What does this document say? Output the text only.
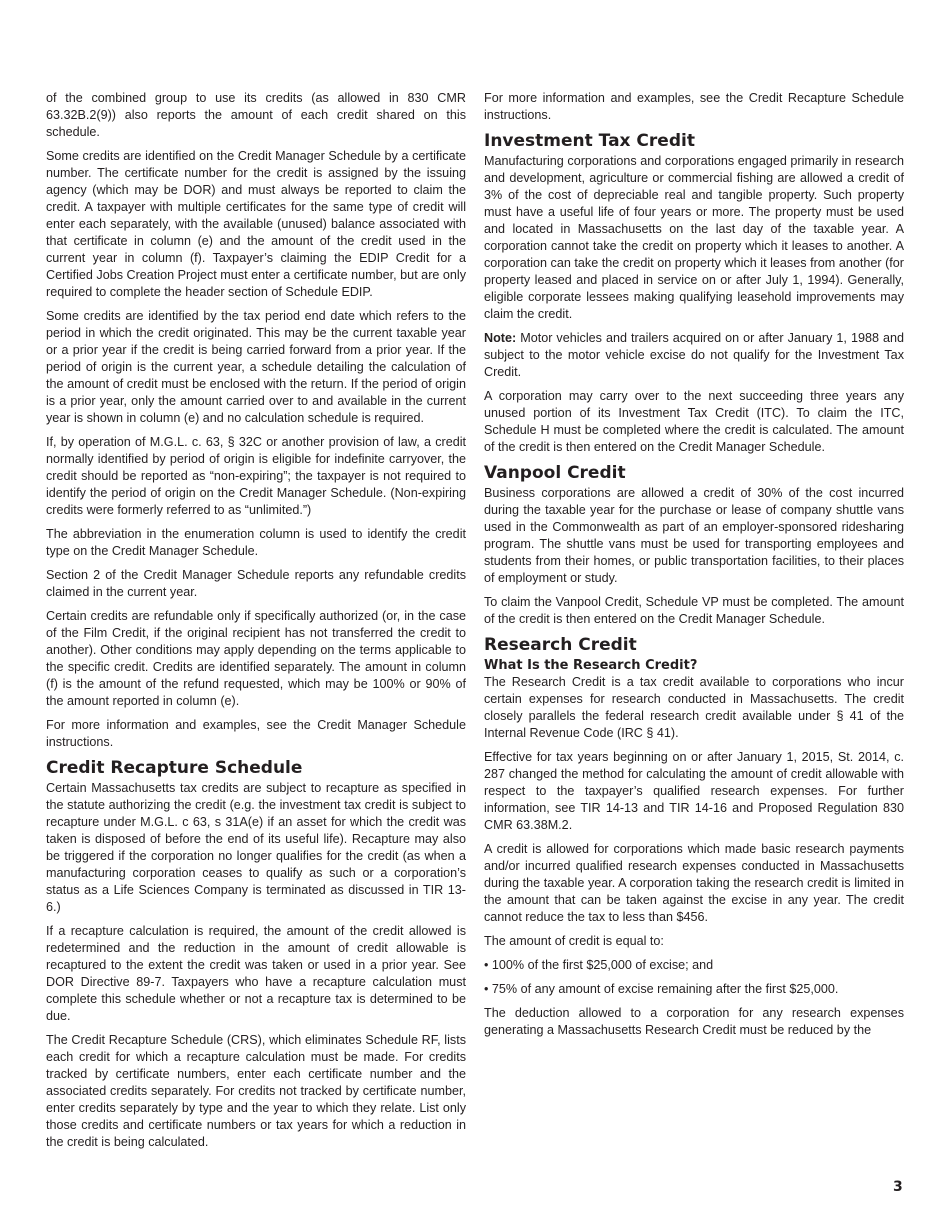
of the combined group to use its credits (as allowed in 830 CMR 63.32B.2(9)) also reports the amount of each credit shared on this schedule.

Some credits are identified on the Credit Manager Schedule by a certificate number. The certificate number for the credit is assigned by the issuing agency (which may be DOR) and must always be reported to claim the credit. A taxpayer with multiple certificates for the same type of credit will enter each separately, with the available (unused) balance associated with that certificate in column (e) and the amount of the credit used in the current year in column (f). Taxpayer’s claiming the EDIP Credit for a Certified Jobs Creation Project must enter a certificate number, but are only required to complete the header section of Schedule EDIP.

Some credits are identified by the tax period end date which refers to the period in which the credit originated. This may be the current taxable year or a prior year if the credit is being carried forward from a prior year. If the period of origin is the current year, a schedule detailing the calculation of the amount of credit must be enclosed with the return. If the period of origin is a prior year, only the amount carried over to and available in the current year is shown in column (e) and no calculation schedule is required.

If, by operation of M.G.L. c. 63, § 32C or another provision of law, a credit normally identified by period of origin is eligible for indefinite carryover, the credit should be reported as “non-expiring”; the taxpayer is not required to identify the period of origin on the Credit Manager Schedule. (Non-expiring credits were formerly referred to as “unlimited.”)

The abbreviation in the enumeration column is used to identify the credit type on the Credit Manager Schedule.

Section 2 of the Credit Manager Schedule reports any refundable credits claimed in the current year.

Certain credits are refundable only if specifically authorized (or, in the case of the Film Credit, if the original recipient has not transferred the credit to another). Other conditions may apply depending on the terms applicable to the specific credit. Credits are identified separately. The amount in column (f) is the amount of the refund requested, which may be 100% or 90% of the amount reported in column (e).

For more information and examples, see the Credit Manager Schedule instructions.

Credit Recapture Schedule

Certain Massachusetts tax credits are subject to recapture as specified in the statute authorizing the credit (e.g. the investment tax credit is subject to recapture under M.G.L. c 63, s 31A(e) if an asset for which the credit was taken is disposed of before the end of its useful life). Recapture may also be triggered if the corporation no longer qualifies for the credit (as when a manufacturing corporation ceases to qualify as such or a corporation’s status as a Life Sciences Company is terminated as discussed in TIR 13-6.)

If a recapture calculation is required, the amount of the credit allowed is redetermined and the reduction in the amount of credit allowable is recaptured to the extent the credit was taken or used in a prior year. See DOR Directive 89-7. Taxpayers who have a recapture calculation must complete this schedule whether or not a recapture tax is determined to be due.

The Credit Recapture Schedule (CRS), which eliminates Schedule RF, lists each credit for which a recapture calculation must be made. For credits tracked by certificate numbers, enter each certificate number and the associated credits separately. For credits not tracked by certificate number, enter credits separately by type and the year to which they relate. List only those credits and certificate numbers or tax years for which a reduction in the credit is being calculated.

For more information and examples, see the Credit Recapture Schedule instructions.

Investment Tax Credit

Manufacturing corporations and corporations engaged primarily in research and development, agriculture or commercial fishing are allowed a credit of 3% of the cost of depreciable real and tangible property. Such property must have a useful life of four years or more. The property must be used and located in Massachusetts on the last day of the taxable year. A corporation cannot take the credit on property which it leases to another. A corporation can take the credit on property which it leases from another (for property leased and placed in service on or after July 1, 1994). Generally, eligible corporate lessees making qualifying leasehold improvements may claim the credit.

Note: Motor vehicles and trailers acquired on or after January 1, 1988 and subject to the motor vehicle excise do not qualify for the Investment Tax Credit.

A corporation may carry over to the next succeeding three years any unused portion of its Investment Tax Credit (ITC). To claim the ITC, Schedule H must be completed where the credit is calculated. The amount of the credit is then entered on the Credit Manager Schedule.

Vanpool Credit

Business corporations are allowed a credit of 30% of the cost incurred during the taxable year for the purchase or lease of company shuttle vans used in the Commonwealth as part of an employer-sponsored ridesharing program. The shuttle vans must be used for transporting employees and students from their homes, or public transportation facilities, to their places of employment or study.

To claim the Vanpool Credit, Schedule VP must be completed. The amount of the credit is then entered on the Credit Manager Schedule.

Research Credit
What Is the Research Credit?

The Research Credit is a tax credit available to corporations who incur certain expenses for research conducted in Massachusetts. The credit closely parallels the federal research credit available under § 41 of the Internal Revenue Code (IRC § 41).

Effective for tax years beginning on or after January 1, 2015, St. 2014, c. 287 changed the method for calculating the amount of credit allowable with respect to the taxpayer’s qualified research expenses. For further information, see TIR 14-13 and TIR 14-16 and Proposed Regulation 830 CMR 63.38M.2.

A credit is allowed for corporations which made basic research payments and/or incurred qualified research expenses conducted in Massachusetts during the taxable year. A corporation taking the research credit is limited in the amount that can be taken against the excise in any year. The credit cannot reduce the tax to less than $456.

The amount of credit is equal to:

• 100% of the first $25,000 of excise; and

• 75% of any amount of excise remaining after the first $25,000.

The deduction allowed to a corporation for any research expenses generating a Massachusetts Research Credit must be reduced by the

3
